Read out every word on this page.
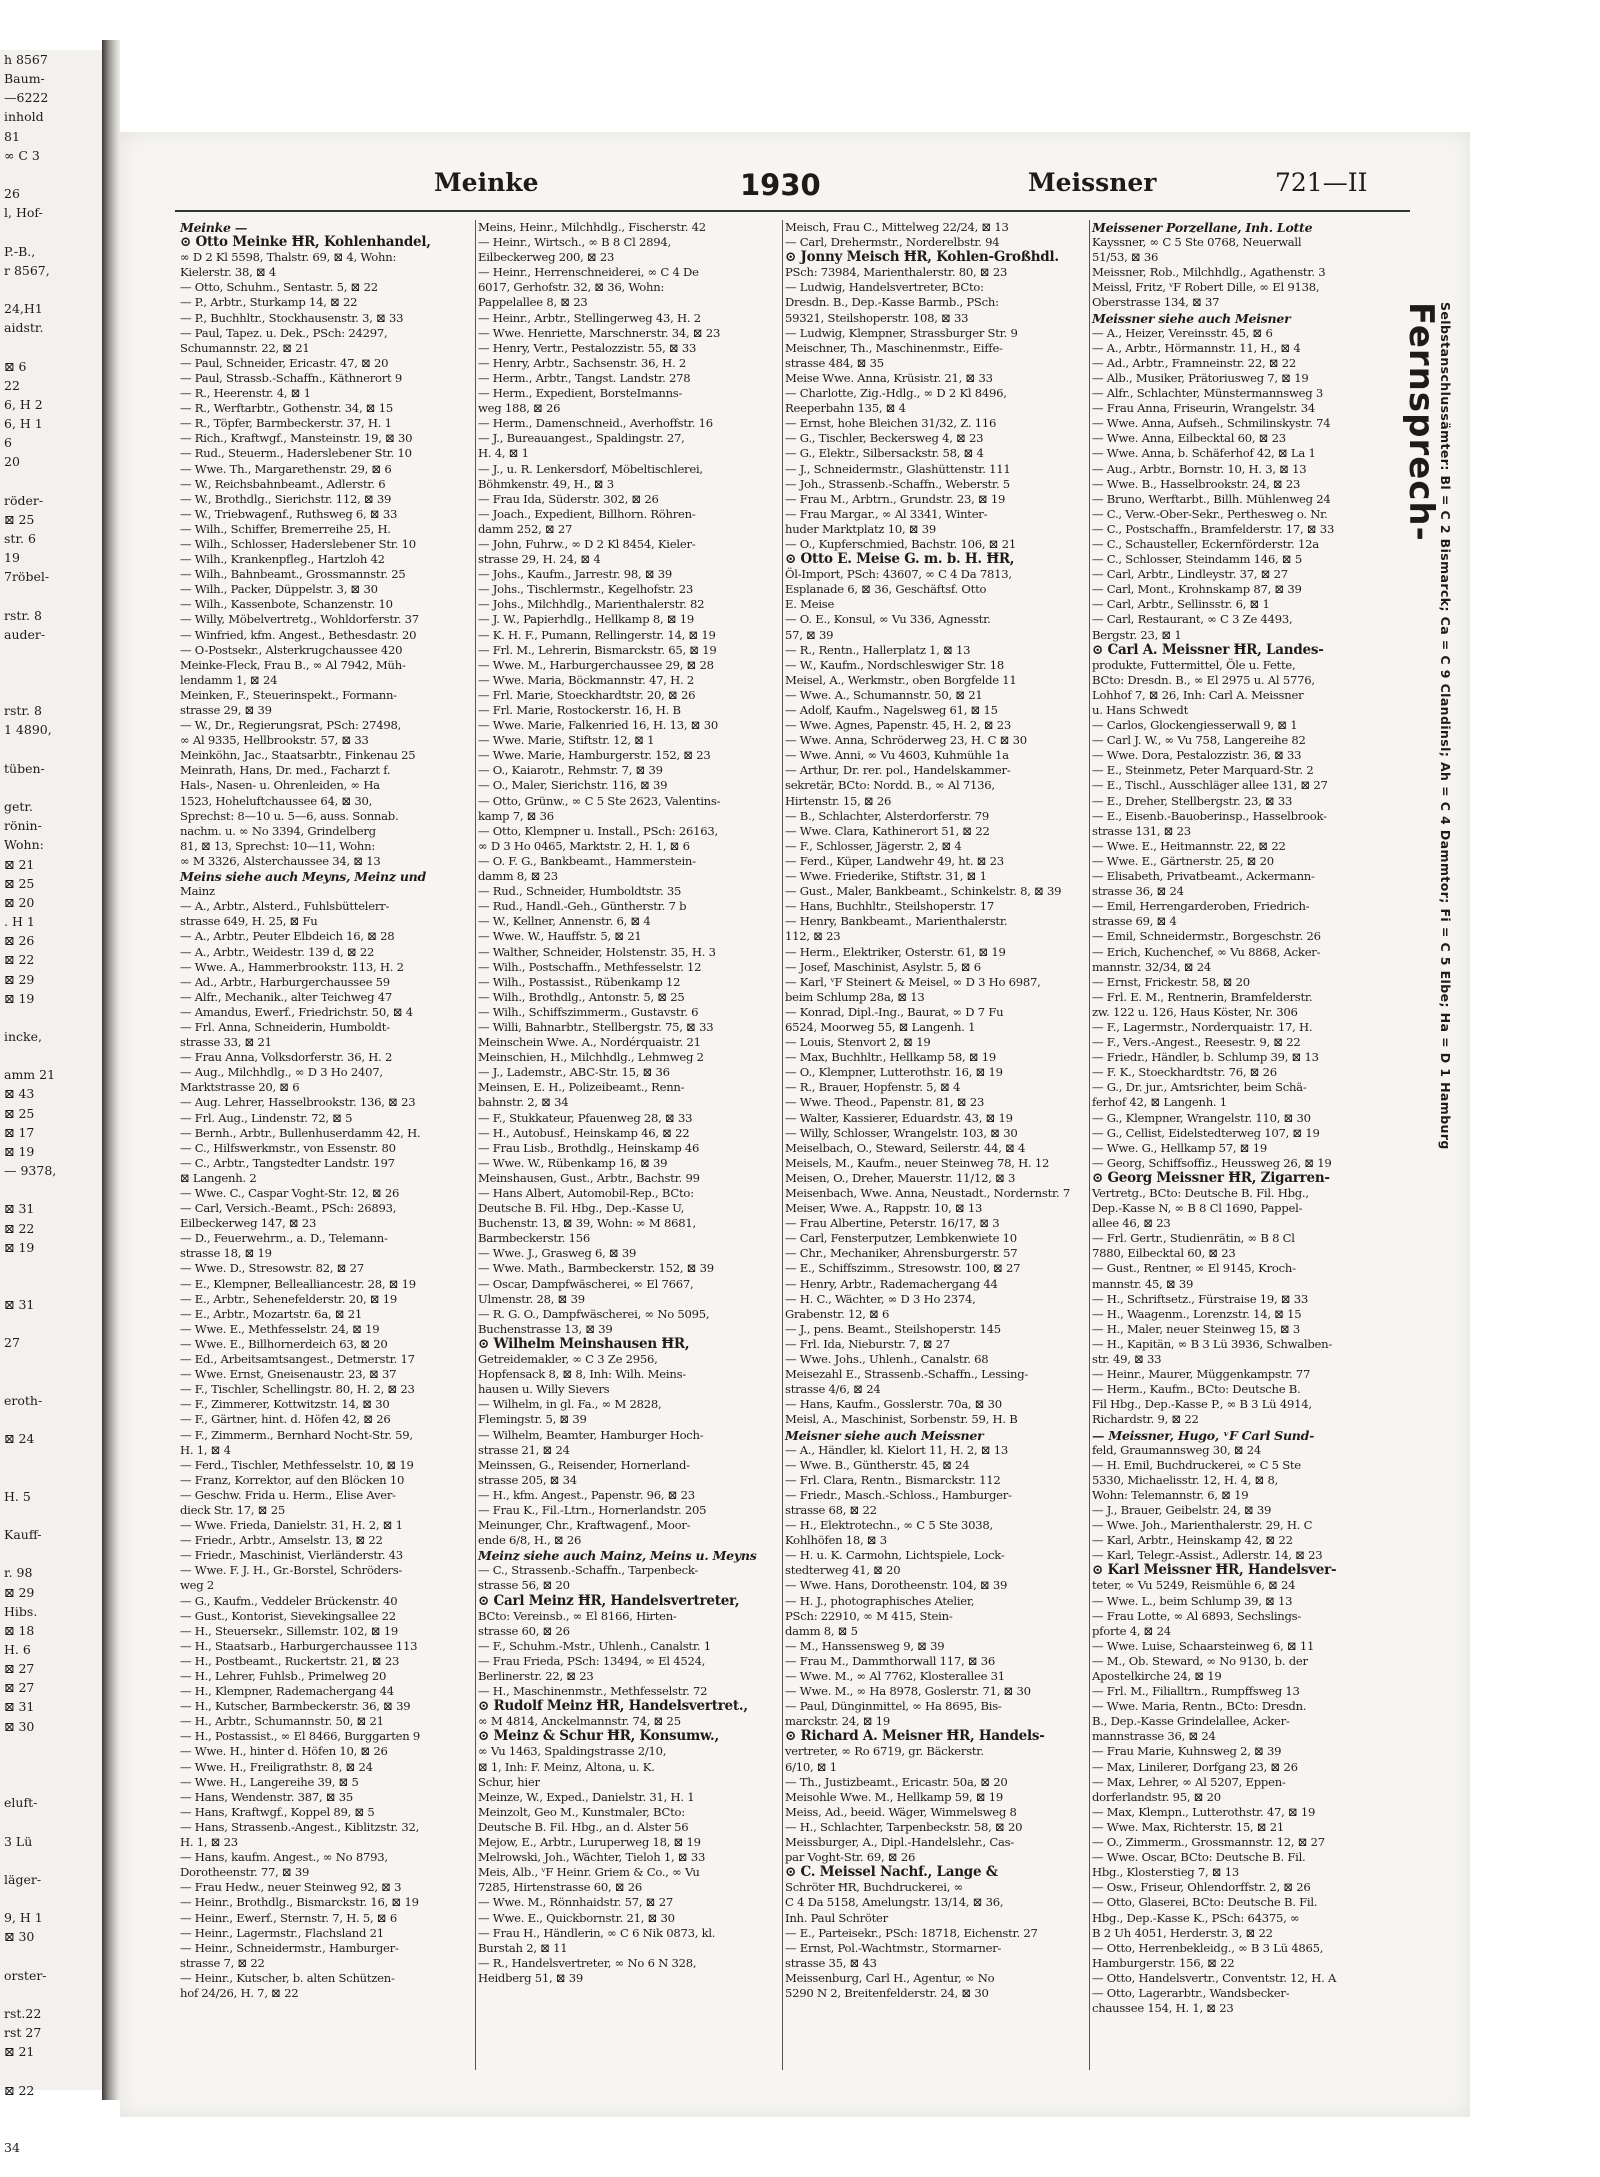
h 8567
Baum-
—6222
inhold
81
∞ C 3

26
l, Hof-

P.-B.,
r 8567,

24,H1
aidstr.

⊠ 6
22
6, H 2
6, H 1
6
20

röder-
⊠ 25
str. 6
19
7röbel-

rstr. 8
auder-

rstr. 8
1 4890,

tüben-

getr.
rönin-
Wohn:
⊠ 21
⊠ 25
⊠ 20
. H 1
⊠ 26
⊠ 22
⊠ 29
⊠ 19

incke,

amm 21
⊠ 43
⊠ 25
⊠ 17
⊠ 19
— 9378,

⊠ 31
⊠ 22
⊠ 19

⊠ 31

27

eroth-

⊠ 24

H. 5

Kauff-

r. 98
⊠ 29
Hibs.
⊠ 18
H. 6
⊠ 27
⊠ 27
⊠ 31
⊠ 30

eluft-

3 Lü

läger-

9, H 1
⊠ 30

orster-

rst.22
rst 27
⊠ 21

⊠ 22

34
Meinke	1930	Meissner	721—II
Meinke —
⊙ Otto Meinke ĦR, Kohlenhandel,
∞ D 2 Kl 5598, Thalstr. 69, ⊠ 4, Wohn:
Kielerstr. 38, ⊠ 4
— Otto, Schuhm., Sentastr. 5, ⊠ 22
— P., Arbtr., Sturkamp 14, ⊠ 22
— P., Buchhltr., Stockhausenstr. 3, ⊠ 33
— Paul, Tapez. u. Dek., PSch: 24297,
Schumannstr. 22, ⊠ 21
— Paul, Schneider, Ericastr. 47, ⊠ 20
— Paul, Strassb.-Schaffn., Käthnerort 9
— R., Heerenstr. 4, ⊠ 1
— R., Werftarbtr., Gothenstr. 34, ⊠ 15
— R., Töpfer, Barmbeckerstr. 37, H. 1
— Rich., Kraftwgf., Mansteinstr. 19, ⊠ 30
— Rud., Steuerm., Haderslebener Str. 10
— Wwe. Th., Margarethenstr. 29, ⊠ 6
— W., Reichsbahnbeamt., Adlerstr. 6
— W., Brothdlg., Sierichstr. 112, ⊠ 39
— W., Triebwagenf., Ruthsweg 6, ⊠ 33
— Wilh., Schiffer, Bremerreihe 25, H.
— Wilh., Schlosser, Haderslebener Str. 10
— Wilh., Krankenpfleg., Hartzloh 42
— Wilh., Bahnbeamt., Grossmannstr. 25
— Wilh., Packer, Düppelstr. 3, ⊠ 30
— Wilh., Kassenbote, Schanzenstr. 10
— Willy, Möbelvertretg., Wohldorferstr. 37
— Winfried, kfm. Angest., Bethesdastr. 20
— O-Postsekr., Alsterkrugchaussee 420
Meinke-Fleck, Frau B., ∞ Al 7942, Müh-
lendamm 1, ⊠ 24
Meinken, F., Steuerinspekt., Formann-
strasse 29, ⊠ 39
— W., Dr., Regierungsrat, PSch: 27498,
∞ Al 9335, Hellbrookstr. 57, ⊠ 33
Meinköhn, Jac., Staatsarbtr., Finkenau 25
Meinrath, Hans, Dr. med., Facharzt f.
Hals-, Nasen- u. Ohrenleiden, ∞ Ha
1523, Hoheluftchaussee 64, ⊠ 30,
Sprechst: 8—10 u. 5—6, auss. Sonnab.
nachm. u. ∞ No 3394, Grindelberg
81, ⊠ 13, Sprechst: 10—11, Wohn:
∞ M 3326, Alsterchaussee 34, ⊠ 13
Meins siehe auch Meyns, Meinz und
Mainz
— A., Arbtr., Alsterd., Fuhlsbüttelerr-
strasse 649, H. 25, ⊠ Fu
— A., Arbtr., Peuter Elbdeich 16, ⊠ 28
— A., Arbtr., Weidestr. 139 d, ⊠ 22
— Wwe. A., Hammerbrookstr. 113, H. 2
— Ad., Arbtr., Harburgerchaussee 59
— Alfr., Mechanik., alter Teichweg 47
— Amandus, Ewerf., Friedrichstr. 50, ⊠ 4
— Frl. Anna, Schneiderin, Humboldt-
strasse 33, ⊠ 21
— Frau Anna, Volksdorferstr. 36, H. 2
— Aug., Milchhdlg., ∞ D 3 Ho 2407,
Marktstrasse 20, ⊠ 6
— Aug. Lehrer, Hasselbrookstr. 136, ⊠ 23
— Frl. Aug., Lindenstr. 72, ⊠ 5
— Bernh., Arbtr., Bullenhuserdamm 42, H.
— C., Hilfswerkmstr., von Essenstr. 80
— C., Arbtr., Tangstedter Landstr. 197
⊠ Langenh. 2
— Wwe. C., Caspar Voght-Str. 12, ⊠ 26
— Carl, Versich.-Beamt., PSch: 26893,
Eilbeckerweg 147, ⊠ 23
— D., Feuerwehrm., a. D., Telemann-
strasse 18, ⊠ 19
— Wwe. D., Stresowstr. 82, ⊠ 27
— E., Klempner, Belleallianсestr. 28, ⊠ 19
— E., Arbtr., Sehenefelderstr. 20, ⊠ 19
— E., Arbtr., Mozartstr. 6a, ⊠ 21
— Wwe. E., Methfesselstr. 24, ⊠ 19
— Wwe. E., Billhornerdeich 63, ⊠ 20
— Ed., Arbeitsamtsangest., Detmerstr. 17
— Wwe. Ernst, Gneisenaustr. 23, ⊠ 37
— F., Tischler, Schellingstr. 80, H. 2, ⊠ 23
— F., Zimmerer, Kottwitzstr. 14, ⊠ 30
— F., Gärtner, hint. d. Höfen 42, ⊠ 26
— F., Zimmerm., Bernhard Nocht-Str. 59,
H. 1, ⊠ 4
— Ferd., Tischler, Methfesselstr. 10, ⊠ 19
— Franz, Korrektor, auf den Blöcken 10
— Geschw. Frida u. Herm., Elise Aver-
dieck Str. 17, ⊠ 25
— Wwe. Frieda, Danielstr. 31, H. 2, ⊠ 1
— Friedr., Arbtr., Amselstr. 13, ⊠ 22
— Friedr., Maschinist, Vierländerstr. 43
— Wwe. F. J. H., Gr.-Borstel, Schröders-
weg 2
— G., Kaufm., Veddeler Brückenstr. 40
— Gust., Kontorist, Sievekingsallee 22
— H., Steuersekr., Sillemstr. 102, ⊠ 19
— H., Staatsarb., Harburgerchaussee 113
— H., Postbeamt., Ruckertstr. 21, ⊠ 23
— H., Lehrer, Fuhlsb., Primelweg 20
— H., Klempner, Rademachergang 44
— H., Kutscher, Barmbeckerstr. 36, ⊠ 39
— H., Arbtr., Schumannstr. 50, ⊠ 21
— H., Postassist., ∞ El 8466, Burggarten 9
— Wwe. H., hinter d. Höfen 10, ⊠ 26
— Wwe. H., Freiligrathstr. 8, ⊠ 24
— Wwe. H., Langereihe 39, ⊠ 5
— Hans, Wendenstr. 387, ⊠ 35
— Hans, Kraftwgf., Koppel 89, ⊠ 5
— Hans, Strassenb.-Angest., Kiblitzstr. 32,
H. 1, ⊠ 23
— Hans, kaufm. Angest., ∞ No 8793,
Dorotheenstr. 77, ⊠ 39
— Frau Hedw., neuer Steinweg 92, ⊠ 3
— Heinr., Brothdlg., Bismarckstr. 16, ⊠ 19
— Heinr., Ewerf., Sternstr. 7, H. 5, ⊠ 6
— Heinr., Lagermstr., Flachsland 21
— Heinr., Schneidermstr., Hamburger-
strasse 7, ⊠ 22
— Heinr., Kutscher, b. alten Schützen-
hof 24/26, H. 7, ⊠ 22
Meins, Heinr., Milchhdlg., Fischerstr. 42
— Heinr., Wirtsch., ∞ B 8 Cl 2894,
Eilbeckerweg 200, ⊠ 23
— Heinr., Herrenschneiderei, ∞ C 4 De
6017, Gerhofstr. 32, ⊠ 36, Wohn:
Pappelallee 8, ⊠ 23
— Heinr., Arbtr., Stellingerweg 43, H. 2
— Wwe. Henriette, Marschnerstr. 34, ⊠ 23
— Henry, Vertr., Pestalozzistr. 55, ⊠ 33
— Henry, Arbtr., Sachsenstr. 36, H. 2
— Herm., Arbtr., Tangst. Landstr. 278
— Herm., Expedient, BorsteImanns-
weg 188, ⊠ 26
— Herm., Damenschneid., Averhoffstr. 16
— J., Bureauangest., Spaldingstr. 27,
H. 4, ⊠ 1
— J., u. R. Lenkersdorf, Möbeltischlerei,
Böhmkenstr. 49, H., ⊠ 3
— Frau Ida, Süderstr. 302, ⊠ 26
— Joach., Expedient, Billhorn. Röhren-
damm 252, ⊠ 27
— John, Fuhrw., ∞ D 2 Kl 8454, Kieler-
strasse 29, H. 24, ⊠ 4
— Johs., Kaufm., Jarrestr. 98, ⊠ 39
— Johs., Tischlermstr., Kegelhofstr. 23
— Johs., Milchhdlg., Marienthalerstr. 82
— J. W., Papierhdlg., Hellkamp 8, ⊠ 19
— K. H. F., Pumann, Rellingerstr. 14, ⊠ 19
— Frl. M., Lehrerin, Bismarckstr. 65, ⊠ 19
— Wwe. M., Harburgerchaussee 29, ⊠ 28
— Wwe. Maria, Böckmannstr. 47, H. 2
— Frl. Marie, Stoeckhardtstr. 20, ⊠ 26
— Frl. Marie, Rostockerstr. 16, H. B
— Wwe. Marie, Falkenried 16, H. 13, ⊠ 30
— Wwe. Marie, Stiftstr. 12, ⊠ 1
— Wwe. Marie, Hamburgerstr. 152, ⊠ 23
— O., Kaiarotr., Rehmstr. 7, ⊠ 39
— O., Maler, Sierichstr. 116, ⊠ 39
— Otto, Grünw., ∞ C 5 Ste 2623, Valentins-
kamp 7, ⊠ 36
— Otto, Klempner u. Install., PSch: 26163,
∞ D 3 Ho 0465, Marktstr. 2, H. 1, ⊠ 6
— O. F. G., Bankbeamt., Hammerstein-
damm 8, ⊠ 23
— Rud., Schneider, Humboldtstr. 35
— Rud., Handl.-Geh., Güntherstr. 7 b
— W., Kellner, Annenstr. 6, ⊠ 4
— Wwe. W., Hauffstr. 5, ⊠ 21
— Walther, Schneider, Holstenstr. 35, H. 3
— Wilh., Postschaffn., Methfesselstr. 12
— Wilh., Postassist., Rübenkamp 12
— Wilh., Brothdlg., Antonstr. 5, ⊠ 25
— Wilh., Schiffszimmerm., Gustavstr. 6
— Willi, Bahnarbtr., Stellbergstr. 75, ⊠ 33
Meinschein Wwe. A., Nordérquaistr. 21
Meinschien, H., Milchhdlg., Lehmweg 2
— J., Lademstr., ABC-Str. 15, ⊠ 36
Meinsen, E. H., Polizeibeamt., Renn-
bahnstr. 2, ⊠ 34
— F., Stukkateur, Pfauenweg 28, ⊠ 33
— H., Autobusf., Heinskamp 46, ⊠ 22
— Frau Lisb., Brothdlg., Heinskamp 46
— Wwe. W., Rübenkamp 16, ⊠ 39
Meinshausen, Gust., Arbtr., Bachstr. 99
— Hans Albert, Automobil-Rep., BCto:
Deutsche B. Fil. Hbg., Dep.-Kasse U,
Buchenstr. 13, ⊠ 39, Wohn: ∞ M 8681,
Barmbeckerstr. 156
— Wwe. J., Grasweg 6, ⊠ 39
— Wwe. Math., Barmbeckerstr. 152, ⊠ 39
— Oscar, Dampfwäscherei, ∞ El 7667,
Ulmenstr. 28, ⊠ 39
— R. G. O., Dampfwäscherei, ∞ No 5095,
Buchenstrasse 13, ⊠ 39
⊙ Wilhelm Meinshausen ĦR,
Getreidemakler, ∞ C 3 Ze 2956,
Hopfensack 8, ⊠ 8, Inh: Wilh. Meins-
hausen u. Willy Sievers
— Wilhelm, in gl. Fa., ∞ M 2828,
Flemingstr. 5, ⊠ 39
— Wilhelm, Beamter, Hamburger Hoch-
strasse 21, ⊠ 24
Meinssen, G., Reisender, Hornerland-
strasse 205, ⊠ 34
— H., kfm. Angest., Papenstr. 96, ⊠ 23
— Frau K., Fil.-Ltrn., Hornerlandstr. 205
Meinunger, Chr., Kraftwagenf., Moor-
ende 6/8, H., ⊠ 26
Meinz siehe auch Mainz, Meins u. Meyns
— C., Strassenb.-Schaffn., Tarpenbeck-
strasse 56, ⊠ 20
⊙ Carl Meinz ĦR, Handelsvertreter,
BCto: Vereinsb., ∞ El 8166, Hirten-
strasse 60, ⊠ 26
— F., Schuhm.-Mstr., Uhlenh., Canalstr. 1
— Frau Frieda, PSch: 13494, ∞ El 4524,
Berlinerstr. 22, ⊠ 23
— H., Maschinenmstr., Methfesselstr. 72
⊙ Rudolf Meinz ĦR, Handelsvertret.,
∞ M 4814, Anckelmannstr. 74, ⊠ 25
⊙ Meinz & Schur ĦR, Konsumw.,
∞ Vu 1463, Spaldingstrasse 2/10,
⊠ 1, Inh: F. Meinz, Altona, u. K.
Schur, hier
Meinze, W., Exped., Danielstr. 31, H. 1
Meinzolt, Geo M., Kunstmaler, BCto:
Deutsche B. Fil. Hbg., an d. Alster 56
Mejow, E., Arbtr., Luruperweg 18, ⊠ 19
Melrowski, Joh., Wächter, Tieloh 1, ⊠ 33
Meis, Alb., ᵛF Heinr. Griem & Co., ∞ Vu
7285, Hirtenstrasse 60, ⊠ 26
— Wwe. M., Rönnhaidstr. 57, ⊠ 27
— Wwe. E., Quickbornstr. 21, ⊠ 30
— Frau H., Händlerin, ∞ C 6 Nik 0873, kl.
Burstah 2, ⊠ 11
— R., Handelsvertreter, ∞ No 6 N 328,
Heidberg 51, ⊠ 39
Meisch, Frau C., Mittelweg 22/24, ⊠ 13
— Carl, Drehermstr., Norderelbstr. 94
⊙ Jonny Meisch ĦR, Kohlen-Großhdl.
PSch: 73984, Marienthalerstr. 80, ⊠ 23
— Ludwig, Handelsvertreter, BCto:
Dresdn. B., Dep.-Kasse Barmb., PSch:
59321, Steilshoperstr. 108, ⊠ 33
— Ludwig, Klempner, Strassburger Str. 9
Meischner, Th., Maschinenmstr., Eiffe-
strasse 484, ⊠ 35
Meise Wwe. Anna, Krüsistr. 21, ⊠ 33
— Charlotte, Zig.-Hdlg., ∞ D 2 Kl 8496,
Reeperbahn 135, ⊠ 4
— Ernst, hohe Bleichen 31/32, Z. 116
— G., Tischler, Beckersweg 4, ⊠ 23
— G., Elektr., Silbersackstr. 58, ⊠ 4
— J., Schneidermstr., Glashüttenstr. 111
— Joh., Strassenb.-Schaffn., Weberstr. 5
— Frau M., Arbtrn., Grundstr. 23, ⊠ 19
— Frau Margar., ∞ Al 3341, Winter-
huder Marktplatz 10, ⊠ 39
— O., Kupferschmied, Bachstr. 106, ⊠ 21
⊙ Otto E. Meise G. m. b. H. ĦR,
Öl-Import, PSch: 43607, ∞ C 4 Da 7813,
Esplanade 6, ⊠ 36, Geschäftsf. Otto
E. Meise
— O. E., Konsul, ∞ Vu 336, Agnesstr.
57, ⊠ 39
— R., Rentn., Hallerplatz 1, ⊠ 13
— W., Kaufm., Nordschleswiger Str. 18
Meisel, A., Werkmstr., oben Borgfelde 11
— Wwe. A., Schumannstr. 50, ⊠ 21
— Adolf, Kaufm., Nagelsweg 61, ⊠ 15
— Wwe. Agnes, Papenstr. 45, H. 2, ⊠ 23
— Wwe. Anna, Schröderweg 23, H. C ⊠ 30
— Wwe. Anni, ∞ Vu 4603, Kuhmühle 1a
— Arthur, Dr. rer. pol., Handelskammer-
sekretär, BCto: Nordd. B., ∞ Al 7136,
Hirtenstr. 15, ⊠ 26
— B., Schlachter, Alsterdorferstr. 79
— Wwe. Clara, Kathinerort 51, ⊠ 22
— F., Schlosser, Jägerstr. 2, ⊠ 4
— Ferd., Küper, Landwehr 49, ht. ⊠ 23
— Wwe. Friederike, Stiftstr. 31, ⊠ 1
— Gust., Maler, Bankbeamt., Schinkelstr. 8, ⊠ 39
— Hans, Buchhltr., Steilshoperstr. 17
— Henry, Bankbeamt., Marienthalerstr.
112, ⊠ 23
— Herm., Elektriker, Osterstr. 61, ⊠ 19
— Josef, Maschinist, Asylstr. 5, ⊠ 6
— Karl, ᵛF Steinert & Meisel, ∞ D 3 Ho 6987,
beim Schlump 28a, ⊠ 13
— Konrad, Dipl.-Ing., Baurat, ∞ D 7 Fu
6524, Moorweg 55, ⊠ Langenh. 1
— Louis, Stenvort 2, ⊠ 19
— Max, Buchhltr., Hellkamp 58, ⊠ 19
— O., Klempner, Lutterothstr. 16, ⊠ 19
— R., Brauer, Hopfenstr. 5, ⊠ 4
— Wwe. Theod., Papenstr. 81, ⊠ 23
— Walter, Kassierer, Eduardstr. 43, ⊠ 19
— Willy, Schlosser, Wrangelstr. 103, ⊠ 30
Meiselbach, O., Steward, Seilerstr. 44, ⊠ 4
Meisels, M., Kaufm., neuer Steinweg 78, H. 12
Meisen, O., Dreher, Mauerstr. 11/12, ⊠ 3
Meisenbach, Wwe. Anna, Neustadt., Nordernstr. 7
Meiser, Wwe. A., Rappstr. 10, ⊠ 13
— Frau Albertine, Peterstr. 16/17, ⊠ 3
— Carl, Fensterputzer, Lembkenwiete 10
— Chr., Mechaniker, Ahrensburgerstr. 57
— E., Schiffszimm., Stresowstr. 100, ⊠ 27
— Henry, Arbtr., Rademachergang 44
— H. C., Wächter, ∞ D 3 Ho 2374,
Grabenstr. 12, ⊠ 6
— J., pens. Beamt., Steilshoperstr. 145
— Frl. Ida, Nieburstr. 7, ⊠ 27
— Wwe. Johs., Uhlenh., Canalstr. 68
Meisezahl E., Strassenb.-Schaffn., Lessing-
strasse 4/6, ⊠ 24
— Hans, Kaufm., Gosslerstr. 70a, ⊠ 30
Meisl, A., Maschinist, Sorbenstr. 59, H. B
Meisner siehe auch Meissner
— A., Händler, kl. Kielort 11, H. 2, ⊠ 13
— Wwe. B., Güntherstr. 45, ⊠ 24
— Frl. Clara, Rentn., Bismarckstr. 112
— Friedr., Masch.-Schloss., Hamburger-
strasse 68, ⊠ 22
— H., Elektrotechn., ∞ C 5 Ste 3038,
Kohlhöfen 18, ⊠ 3
— H. u. K. Carmohn, Lichtspiele, Lock-
stedterweg 41, ⊠ 20
— Wwe. Hans, Dorotheenstr. 104, ⊠ 39
— H. J., photographisches Atelier,
PSch: 22910, ∞ M 415, Stein-
damm 8, ⊠ 5
— M., Hanssensweg 9, ⊠ 39
— Frau M., Dammthorwall 117, ⊠ 36
— Wwe. M., ∞ Al 7762, Klosterallee 31
— Wwe. M., ∞ Ha 8978, Goslerstr. 71, ⊠ 30
— Paul, Dünginmittel, ∞ Ha 8695, Bis-
marckstr. 24, ⊠ 19
⊙ Richard A. Meisner ĦR, Handels-
vertreter, ∞ Ro 6719, gr. Bäckerstr.
6/10, ⊠ 1
— Th., Justizbeamt., Ericastr. 50a, ⊠ 20
Meisohle Wwe. M., Hellkamp 59, ⊠ 19
Meiss, Ad., beeid. Wäger, Wimmelsweg 8
— H., Schlachter, Tarpenbeckstr. 58, ⊠ 20
Meissburger, A., Dipl.-Handelslehr., Cas-
par Voght-Str. 69, ⊠ 26
⊙ C. Meissel Nachf., Lange &
Schröter ĦR, Buchdruckerei, ∞
C 4 Da 5158, Amelungstr. 13/14, ⊠ 36,
Inh. Paul Schröter
— E., Parteisekr., PSch: 18718, Eichenstr. 27
— Ernst, Pol.-Wachtmstr., Stormarner-
strasse 35, ⊠ 43
Meissenburg, Carl H., Agentur, ∞ No
5290 N 2, Breitenfelderstr. 24, ⊠ 30
Meissener Porzellane, Inh. Lotte
Kayssner, ∞ C 5 Ste 0768, Neuerwall
51/53, ⊠ 36
Meissner, Rob., Milchhdlg., Agathenstr. 3
Meissl, Fritz, ᵛF Robert Dille, ∞ El 9138,
Oberstrasse 134, ⊠ 37
Meissner siehe auch Meisner
— A., Heizer, Vereinsstr. 45, ⊠ 6
— A., Arbtr., Hörmannstr. 11, H., ⊠ 4
— Ad., Arbtr., Framneinstr. 22, ⊠ 22
— Alb., Musiker, Prätoriusweg 7, ⊠ 19
— Alfr., Schlachter, Münstermannsweg 3
— Frau Anna, Friseurin, Wrangelstr. 34
— Wwe. Anna, Aufseh., Schmilinskystr. 74
— Wwe. Anna, Eilbecktal 60, ⊠ 23
— Wwe. Anna, b. Schäferhof 42, ⊠ La 1
— Aug., Arbtr., Bornstr. 10, H. 3, ⊠ 13
— Wwe. B., Hasselbrookstr. 24, ⊠ 23
— Bruno, Werftarbt., Billh. Mühlenweg 24
— C., Verw.-Ober-Sekr., Perthesweg o. Nr.
— C., Postschaffn., Bramfelderstr. 17, ⊠ 33
— C., Schausteller, Eckernförderstr. 12a
— C., Schlosser, Steindamm 146, ⊠ 5
— Carl, Arbtr., Lindleystr. 37, ⊠ 27
— Carl, Mont., Krohnskamp 87, ⊠ 39
— Carl, Arbtr., Sellinsstr. 6, ⊠ 1
— Carl, Restaurant, ∞ C 3 Ze 4493,
Bergstr. 23, ⊠ 1
⊙ Carl A. Meissner ĦR, Landes-
produkte, Futtermittel, Öle u. Fette,
BCto: Dresdn. B., ∞ El 2975 u. Al 5776,
Lohhof 7, ⊠ 26, Inh: Carl A. Meissner
u. Hans Schwedt
— Carlos, Glockengiesserwall 9, ⊠ 1
— Carl J. W., ∞ Vu 758, Langereihe 82
— Wwe. Dora, Pestalozzistr. 36, ⊠ 33
— E., Steinmetz, Peter Marquard-Str. 2
— E., Tischl., Ausschläger allee 131, ⊠ 27
— E., Dreher, Stellbergstr. 23, ⊠ 33
— E., Eisenb.-Bauoberinsp., Hasselbrook-
strasse 131, ⊠ 23
— Wwe. E., Heitmannstr. 22, ⊠ 22
— Wwe. E., Gärtnerstr. 25, ⊠ 20
— Elisabeth, Privatbeamt., Ackermann-
strasse 36, ⊠ 24
— Emil, Herrengarderoben, Friedrich-
strasse 69, ⊠ 4
— Emil, Schneidermstr., Borgeschstr. 26
— Erich, Kuchenchef, ∞ Vu 8868, Acker-
mannstr. 32/34, ⊠ 24
— Ernst, Frickestr. 58, ⊠ 20
— Frl. E. M., Rentnerin, Bramfelderstr.
zw. 122 u. 126, Haus Köster, Nr. 306
— F., Lagermstr., Norderquaistr. 17, H.
— F., Vers.-Angest., Reesestr. 9, ⊠ 22
— Friedr., Händler, b. Schlump 39, ⊠ 13
— F. K., Stoeckhardtstr. 76, ⊠ 26
— G., Dr. jur., Amtsrichter, beim Schä-
ferhof 42, ⊠ Langenh. 1
— G., Klempner, Wrangelstr. 110, ⊠ 30
— G., Cellist, Eidelstedterweg 107, ⊠ 19
— Wwe. G., Hellkamp 57, ⊠ 19
— Georg, Schiffsoffiz., Heussweg 26, ⊠ 19
⊙ Georg Meissner ĦR, Zigarren-
Vertretg., BCto: Deutsche B. Fil. Hbg.,
Dep.-Kasse N, ∞ B 8 Cl 1690, Pappel-
allee 46, ⊠ 23
— Frl. Gertr., Studienrätin, ∞ B 8 Cl
7880, Eilbecktal 60, ⊠ 23
— Gust., Rentner, ∞ El 9145, Kroch-
mannstr. 45, ⊠ 39
— H., Schriftsetz., Fürstraise 19, ⊠ 33
— H., Waagenm., Lorenzstr. 14, ⊠ 15
— H., Maler, neuer Steinweg 15, ⊠ 3
— H., Kapitän, ∞ B 3 Lü 3936, Schwalben-
str. 49, ⊠ 33
— Heinr., Maurer, Müggenkampstr. 77
— Herm., Kaufm., BCto: Deutsche B.
Fil Hbg., Dep.-Kasse P., ∞ B 3 Lü 4914,
Richardstr. 9, ⊠ 22
— Meissner, Hugo, ᵛF Carl Sund-
feld, Graumannsweg 30, ⊠ 24
— H. Emil, Buchdruckerei, ∞ C 5 Ste
5330, Michaelisstr. 12, H. 4, ⊠ 8,
Wohn: Telemannstr. 6, ⊠ 19
— J., Brauer, Geibelstr. 24, ⊠ 39
— Wwe. Joh., Marienthalerstr. 29, H. C
— Karl, Arbtr., Heinskamp 42, ⊠ 22
— Karl, Telegr.-Assist., Adlerstr. 14, ⊠ 23
⊙ Karl Meissner ĦR, Handelsver-
teter, ∞ Vu 5249, Reismühle 6, ⊠ 24
— Wwe. L., beim Schlump 39, ⊠ 13
— Frau Lotte, ∞ Al 6893, Sechslings-
pforte 4, ⊠ 24
— Wwe. Luise, Schaarsteinweg 6, ⊠ 11
— M., Ob. Steward, ∞ No 9130, b. der
Apostelkirche 24, ⊠ 19
— Frl. M., Filialltrn., Rumpffsweg 13
— Wwe. Maria, Rentn., BCto: Dresdn.
B., Dep.-Kasse Grindelallee, Acker-
mannstrasse 36, ⊠ 24
— Frau Marie, Kuhnsweg 2, ⊠ 39
— Max, Linilerer, Dorfgang 23, ⊠ 26
— Max, Lehrer, ∞ Al 5207, Eppen-
dorferlandstr. 95, ⊠ 20
— Max, Klempn., Lutterothstr. 47, ⊠ 19
— Wwe. Max, Richterstr. 15, ⊠ 21
— O., Zimmerm., Grossmannstr. 12, ⊠ 27
— Wwe. Oscar, BCto: Deutsche B. Fil.
Hbg., Klosterstieg 7, ⊠ 13
— Osw., Friseur, Ohlendorffstr. 2, ⊠ 26
— Otto, Glaserei, BCto: Deutsche B. Fil.
Hbg., Dep.-Kasse K., PSch: 64375, ∞
B 2 Uh 4051, Herderstr. 3, ⊠ 22
— Otto, Herrenbekleidg., ∞ B 3 Lü 4865,
Hamburgerstr. 156, ⊠ 22
— Otto, Handelsvertr., Conventstr. 12, H. A
— Otto, Lagerarbtr., Wandsbecker-
chaussee 154, H. 1, ⊠ 23
Fernsprech-
Selbstanschlussämter: Bl = C 2 Bismarck; Ca = C 9 Clandinsl; Ah = C 4 Dammtor; Fi = C 5 Elbe; Ha = D 1 Hamburg
